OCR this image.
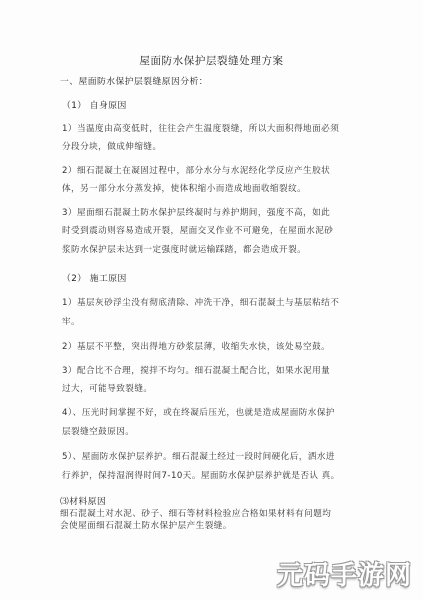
屋面防水保护层裂缝处理方案
一、屋面防水保护层裂缝原因分析：
（1） 自身原因
1）当温度由高变低时，往往会产生温度裂缝，所以大面积得地面必须
分段分块，做成伸缩缝。
2）细石混凝土在凝固过程中，部分水分与水泥经化学反应产生胶状
体，另一部分水分蒸发掉，使体积缩小而造成地面收缩裂纹。
3）屋面细石混凝土防水保护层终凝时与养护期间，强度不高，如此
时受到震动则容易造成开裂，屋面交叉作业不可避免，在屋面水泥砂
浆防水保护层未达到一定强度时就运输踩踏，都会造成开裂。
（2） 施工原因
1）基层灰砂浮尘没有彻底清除、冲洗干净，细石混凝土与基层粘结不
牢。
2）基层不平整，突出得地方砂浆层薄，收缩失水快，该处易空鼓。
3）配合比不合理，搅拌不均匀。细石混凝土配合比，如果水泥用量
过大，可能导致裂缝。
4）、压光时间掌握不好，或在终凝后压光，也就是造成屋面防水保护
层裂缝空鼓原因。
5）、屋面防水保护层养护。细石混凝土经过一段时间硬化后，洒水进
行养护，保持湿润得时间7-10天。屋面防水保护层养护就是否认 真。
⑶材料原因
细石混凝土对水泥、砂子、细石等材料检验应合格如果材料有问题均
会使屋面细石混凝土防水保护层产生裂缝。
元码手游网
